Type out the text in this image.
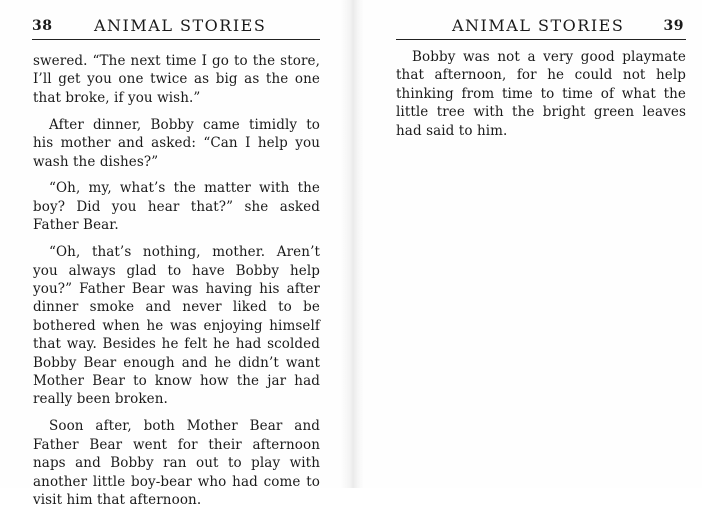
38	ANIMAL STORIES

swered. “The next time I go to the store, I’ll get you one twice as big as the one that broke, if you wish.”

After dinner, Bobby came timidly to his mother and asked: “Can I help you wash the dishes?”

“Oh, my, what’s the matter with the boy? Did you hear that?” she asked Father Bear.

“Oh, that’s nothing, mother. Aren’t you always glad to have Bobby help you?” Father Bear was having his after dinner smoke and never liked to be bothered when he was enjoying himself that way. Besides he felt he had scolded Bobby Bear enough and he didn’t want Mother Bear to know how the jar had really been broken.

Soon after, both Mother Bear and Father Bear went for their afternoon naps and Bobby ran out to play with another little boy-bear who had come to visit him that afternoon.

ANIMAL STORIES	39

Bobby was not a very good playmate that afternoon, for he could not help thinking from time to time of what the little tree with the bright green leaves had said to him.
